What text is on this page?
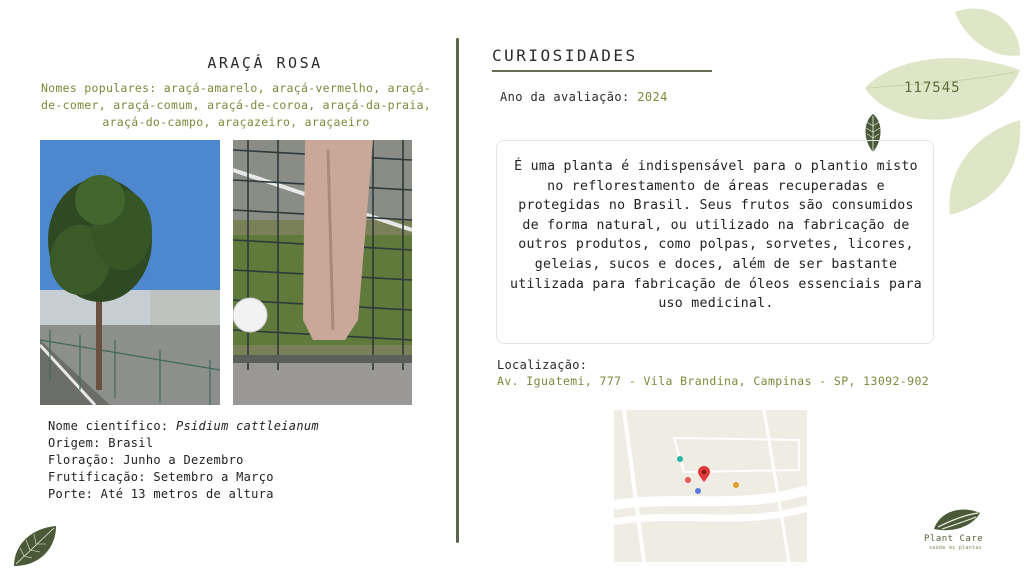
ARAÇÁ ROSA
Nomes populares: araçá-amarelo, araçá-vermelho, araçá-de-comer, araçá-comum, araçá-de-coroa, araçá-da-praia, araçá-do-campo, araçazeiro, araçaeiro
Nome científico: Psidium cattleianum
Origem: Brasil
Floração: Junho a Dezembro
Frutificação: Setembro a Março
Porte: Até 13 metros de altura
CURIOSIDADES
Ano da avaliação: 2024
É uma planta é indispensável para o plantio misto no reflorestamento de áreas recuperadas e protegidas no Brasil. Seus frutos são consumidos de forma natural, ou utilizado na fabricação de outros produtos, como polpas, sorvetes, licores, geleias, sucos e doces, além de ser bastante utilizada para fabricação de óleos essenciais para uso medicinal.
Localização:
Av. Iguatemi, 777 - Vila Brandina, Campinas - SP, 13092-902
117545
Plant Care
saúde às plantas
